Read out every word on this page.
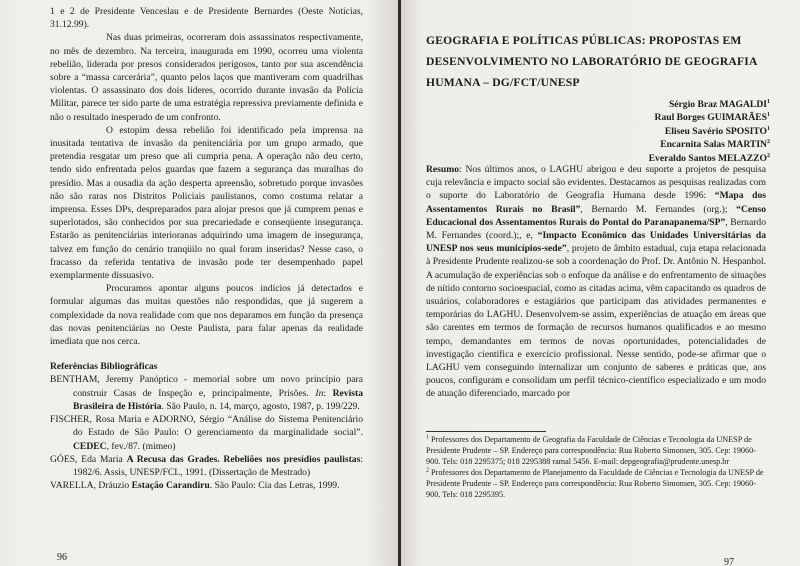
1 e 2 de Presidente Venceslau e de Presidente Bernardes (Oeste Notícias, 31.12.99).

Nas duas primeiras, ocorreram dois assassinatos respectivamente, no mês de dezembro. Na terceira, inaugurada em 1990, ocorreu uma violenta rebelião, liderada por presos considerados perigosos, tanto por sua ascendência sobre a “massa carcerária”, quanto pelos laços que mantiveram com quadrilhas violentas. O assassinato dos dois líderes, ocorrido durante invasão da Polícia Militar, parece ter sido parte de uma estratégia repressiva previamente definida e não o resultado inesperado de um confronto.

O estopim dessa rebelião foi identificado pela imprensa na inusitada tentativa de invasão da penitenciária por um grupo armado, que pretendia resgatar um preso que ali cumpria pena. A operação não deu certo, tendo sido enfrentada pelos guardas que fazem a segurança das muralhas do presídio. Mas a ousadia da ação desperta apreensão, sobretudo porque invasões não são raras nos Distritos Policiais paulistanos, como costuma relatar a imprensa. Esses DPs, despreparados para alojar presos que já cumprem penas e superlotados, são conhecidos por sua precariedade e conseqüente insegurança. Estarão as penitenciárias interioranas adquirindo uma imagem de insegurança, talvez em função do cenário tranqüilo no qual foram inseridas? Nesse caso, o fracasso da referida tentativa de invasão pode ter desempenhado papel exemplarmente dissuasivo.

Procuramos apontar alguns poucos indícios já detectados e formular algumas das muitas questões não respondidas, que já sugerem a complexidade da nova realidade com que nos deparamos em função da presença das novas penitenciárias no Oeste Paulista, para falar apenas da realidade imediata que nos cerca.

Referências Bibliográficas

BENTHAM, Jeremy Panóptico - memorial sobre um novo princípio para construir Casas de Inspeção e, principalmente, Prisões. In: Revista Brasileira de História. São Paulo, n. 14, março, agosto, 1987, p. 199/229.

FISCHER, Rosa Maria e ADORNO, Sérgio “Análise do Sistema Penitenciário do Estado de São Paulo: O gerenciamento da marginalidade social”. CEDEC, fev./87. (mimeo)

GÓES, Eda Maria A Recusa das Grades. Rebeliões nos presídios paulistas: 1982/6. Assis, UNESP/FCL, 1991. (Dissertação de Mestrado)

VARELLA, Dráuzio Estação Carandiru. São Paulo: Cia das Letras, 1999.

96
GEOGRAFIA E POLÍTICAS PÚBLICAS: PROPOSTAS EM DESENVOLVIMENTO NO LABORATÓRIO DE GEOGRAFIA HUMANA – DG/FCT/UNESP
Sérgio Braz MAGALDI$^1$
Raul Borges GUIMARÃES$^1$
Eliseu Savério SPOSITO$^1$
Encarnita Salas MARTIN$^2$
Everaldo Santos MELAZZO$^2$
Resumo: Nos últimos anos, o LAGHU abrigou e deu suporte a projetos de pesquisa cuja relevância e impacto social são evidentes. Destacamos as pesquisas realizadas com o suporte do Laboratório de Geografia Humana desde 1996: “Mapa dos Assentamentos Rurais no Brasil”, Bernardo M. Fernandes (org.); “Censo Educacional dos Assentamentos Rurais do Pontal do Paranapanema/SP”, Bernardo M. Fernandes (coord.);, e, “Impacto Econômico das Unidades Universitárias da UNESP nos seus municípios-sede”, projeto de âmbito estadual, cuja etapa relacionada à Presidente Prudente realizou-se sob a coordenação do Prof. Dr. Antônio N. Hespanhol. A acumulação de experiências sob o enfoque da análise e do enfrentamento de situações de nítido contorno socioespacial, como as citadas acima, vêm capacitando os quadros de usuários, colaboradores e estagiários que participam das atividades permanentes e temporárias do LAGHU. Desenvolvem-se assim, experiências de atuação em áreas que são carentes em termos de formação de recursos humanos qualificados e ao mesmo tempo, demandantes em termos de novas oportunidades, potencialidades de investigação científica e exercício profissional. Nesse sentido, pode-se afirmar que o LAGHU vem conseguindo internalizar um conjunto de saberes e práticas que, aos poucos, configuram e consolidam um perfil técnico-científico especializado e um modo de atuação diferenciado, marcado por

$^1$ Professores dos Departamento de Geografia da Faculdade de Ciências e Tecnologia da UNESP de Presidente Prudente – SP. Endereço para correspondência: Rua Roberto Simonsen, 305. Cep: 19060-900. Tels: 018 2295375; 018 2295388 ramal 5456. E-mail: depgeografia@prudente.unesp.br

$^2$ Professores dos Departamento de Planejamento da Faculdade de Ciências e Tecnologia da UNESP de Presidente Prudente – SP. Endereço para correspondência: Rua Roberto Simonsen, 305. Cep: 19060-900. Tels: 018 2295395.

97
